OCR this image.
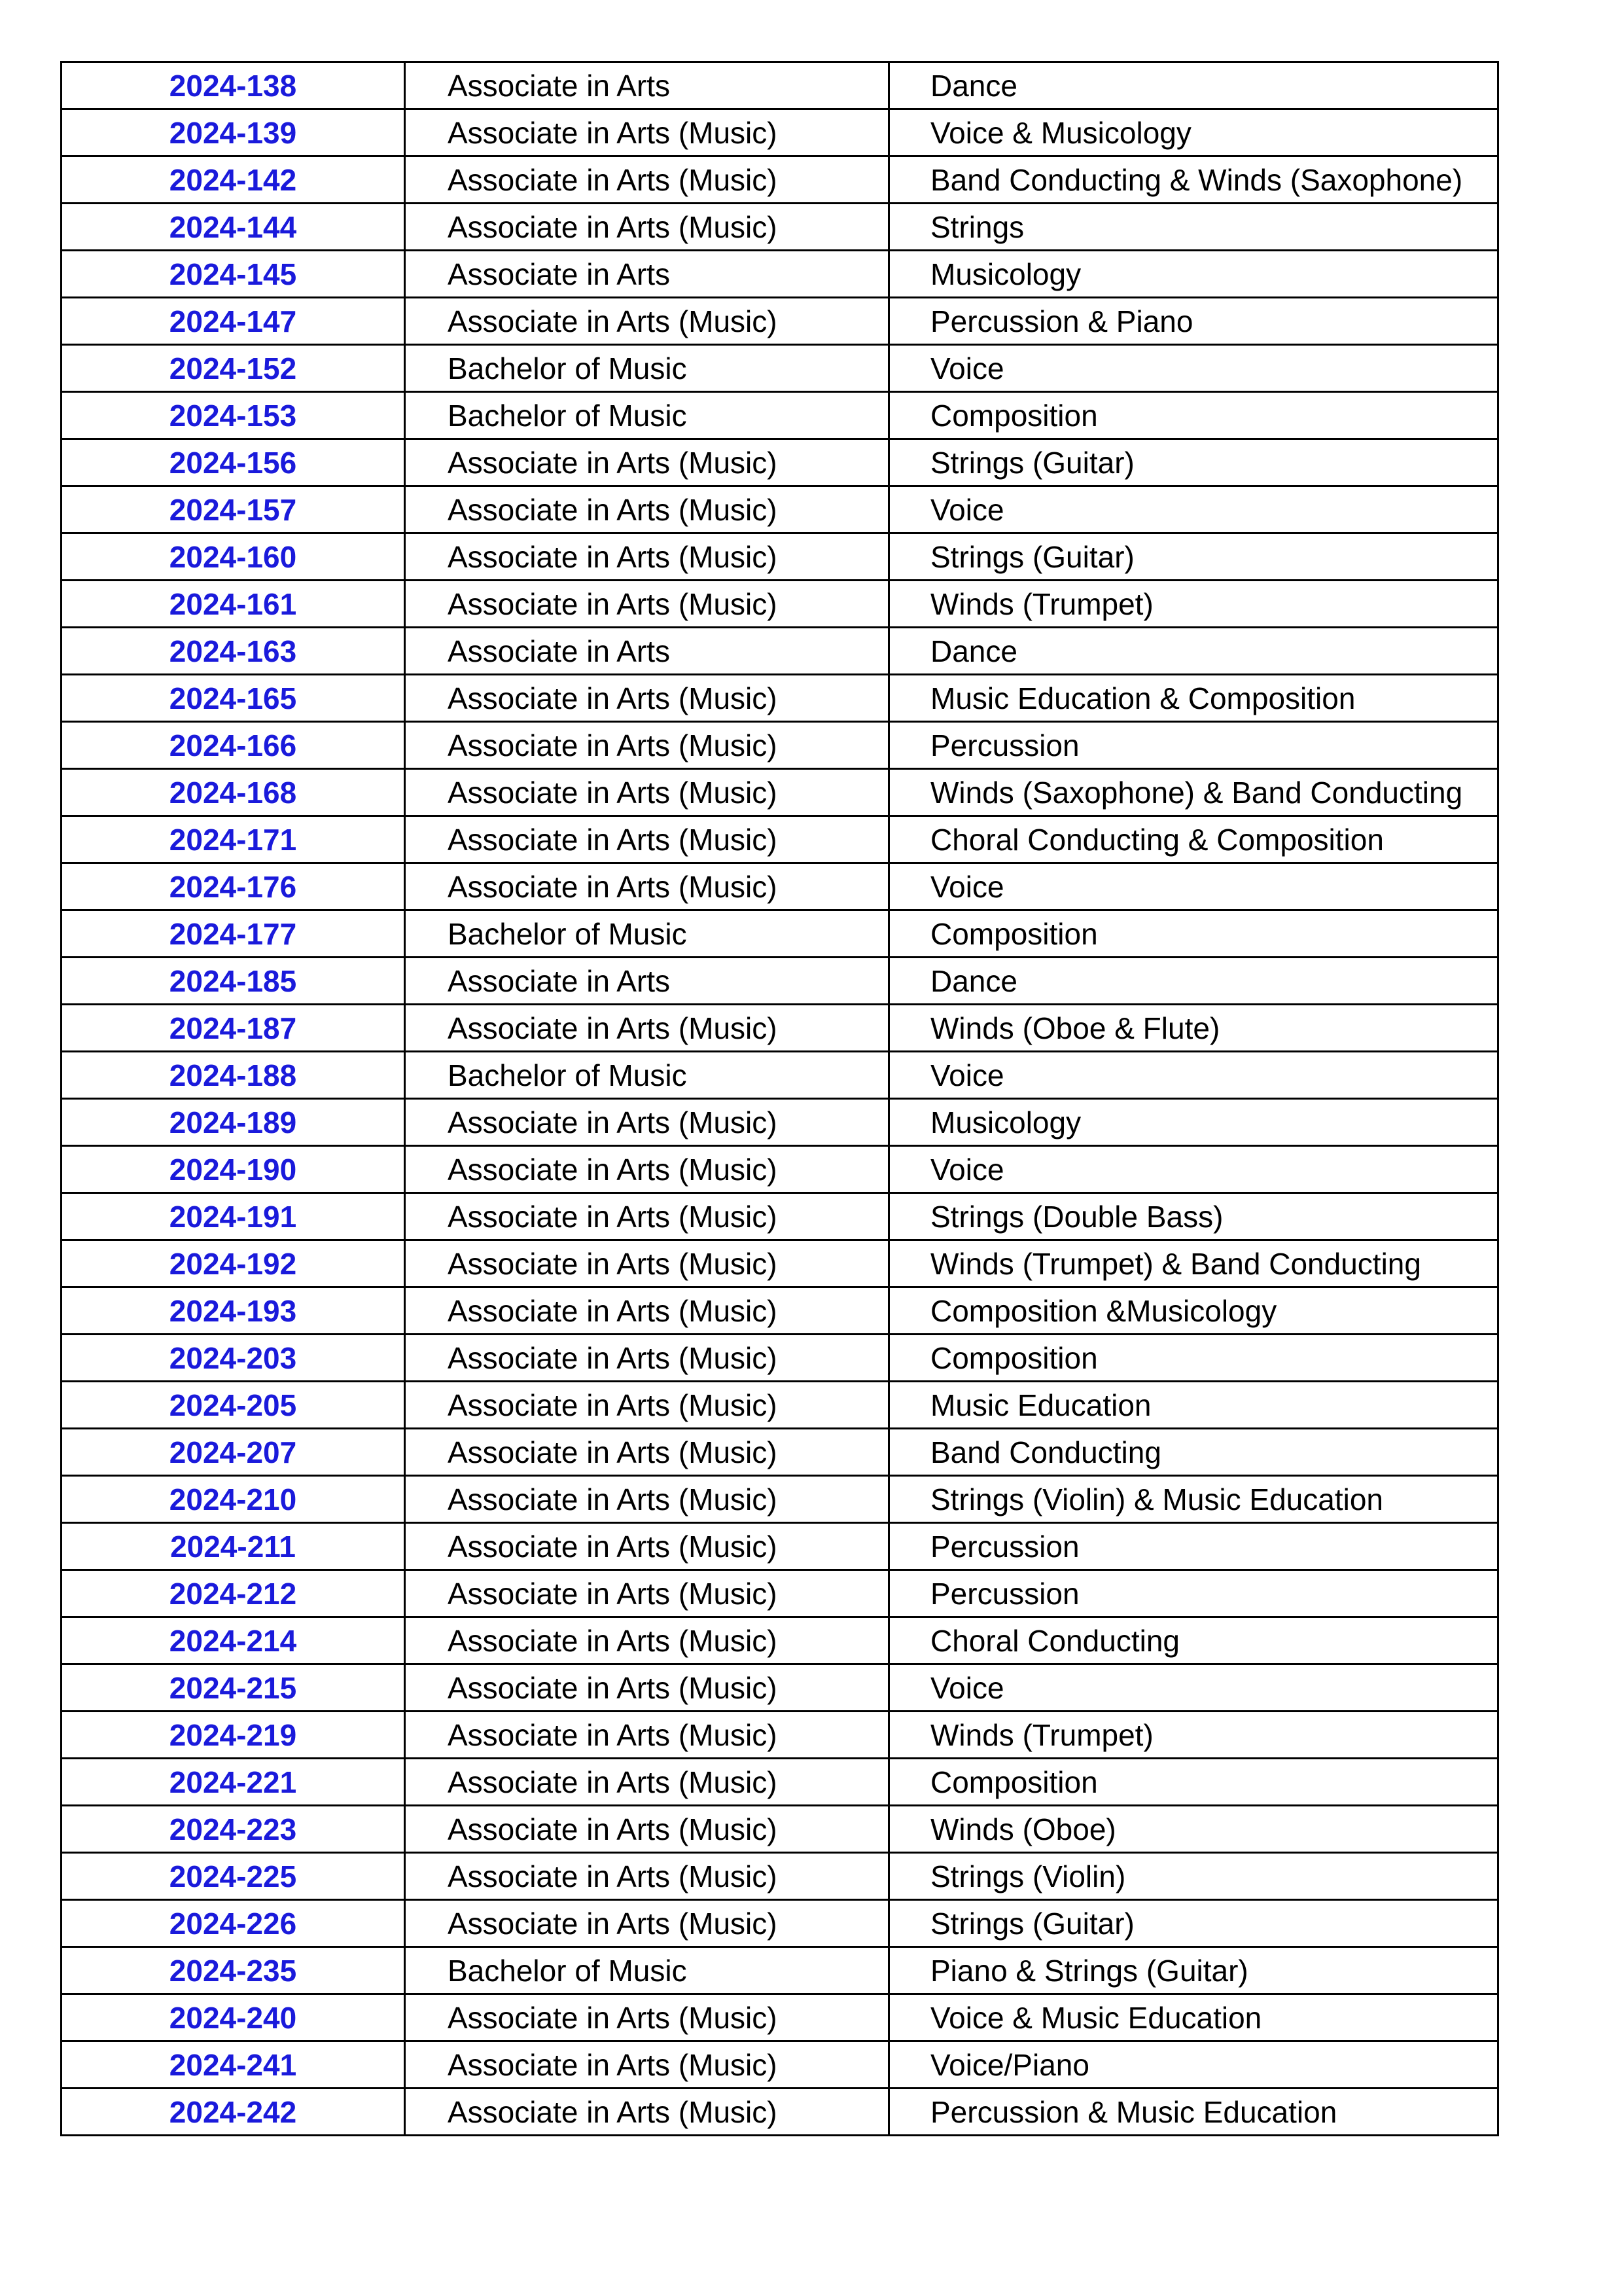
2024-138	Associate in Arts	Dance
2024-139	Associate in Arts (Music)	Voice & Musicology
2024-142	Associate in Arts (Music)	Band Conducting & Winds (Saxophone)
2024-144	Associate in Arts (Music)	Strings
2024-145	Associate in Arts	Musicology
2024-147	Associate in Arts (Music)	Percussion & Piano
2024-152	Bachelor of Music	Voice
2024-153	Bachelor of Music	Composition
2024-156	Associate in Arts (Music)	Strings (Guitar)
2024-157	Associate in Arts (Music)	Voice
2024-160	Associate in Arts (Music)	Strings (Guitar)
2024-161	Associate in Arts (Music)	Winds (Trumpet)
2024-163	Associate in Arts	Dance
2024-165	Associate in Arts (Music)	Music Education & Composition
2024-166	Associate in Arts (Music)	Percussion
2024-168	Associate in Arts (Music)	Winds (Saxophone) & Band Conducting
2024-171	Associate in Arts (Music)	Choral Conducting & Composition
2024-176	Associate in Arts (Music)	Voice
2024-177	Bachelor of Music	Composition
2024-185	Associate in Arts	Dance
2024-187	Associate in Arts (Music)	Winds (Oboe & Flute)
2024-188	Bachelor of Music	Voice
2024-189	Associate in Arts (Music)	Musicology
2024-190	Associate in Arts (Music)	Voice
2024-191	Associate in Arts (Music)	Strings (Double Bass)
2024-192	Associate in Arts (Music)	Winds (Trumpet) & Band Conducting
2024-193	Associate in Arts (Music)	Composition &Musicology
2024-203	Associate in Arts (Music)	Composition
2024-205	Associate in Arts (Music)	Music Education
2024-207	Associate in Arts (Music)	Band Conducting
2024-210	Associate in Arts (Music)	Strings (Violin) & Music Education
2024-211	Associate in Arts (Music)	Percussion
2024-212	Associate in Arts (Music)	Percussion
2024-214	Associate in Arts (Music)	Choral Conducting
2024-215	Associate in Arts (Music)	Voice
2024-219	Associate in Arts (Music)	Winds (Trumpet)
2024-221	Associate in Arts (Music)	Composition
2024-223	Associate in Arts (Music)	Winds (Oboe)
2024-225	Associate in Arts (Music)	Strings (Violin)
2024-226	Associate in Arts (Music)	Strings (Guitar)
2024-235	Bachelor of Music	Piano & Strings (Guitar)
2024-240	Associate in Arts (Music)	Voice & Music Education
2024-241	Associate in Arts (Music)	Voice/Piano
2024-242	Associate in Arts (Music)	Percussion & Music Education
